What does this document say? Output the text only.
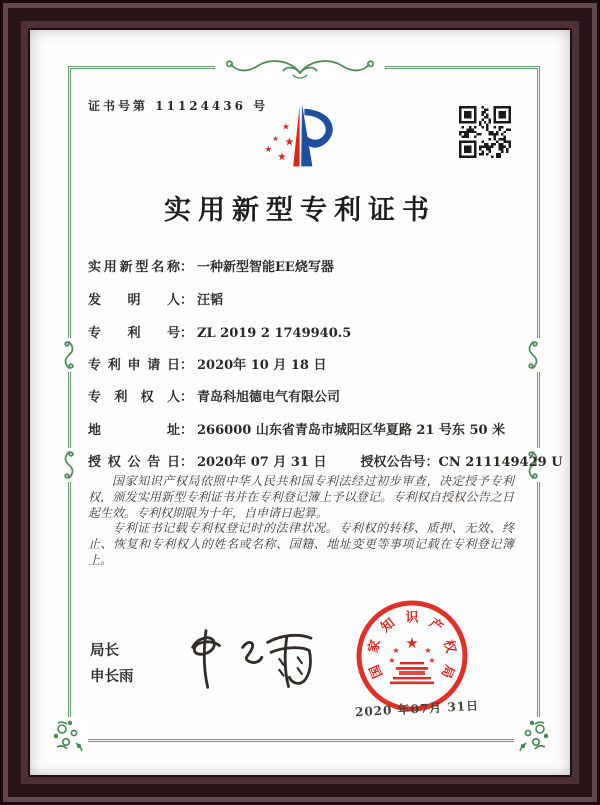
证书号第 11124436 号
★
★ ★
★
★
实用新型专利证书
实用新型名称： 一种新型智能EE烧写器
发明人： 汪韬
专利号： ZL 2019 2 1749940.5
专利申请日： 2020年 10 月 18 日
专利权人： 青岛科旭德电气有限公司
地址： 266000 山东省青岛市城阳区华夏路 21 号东 50 米
授权公告日： 2020年 07 月 31 日	授权公告号：CN 211149429 U

国家知识产权局依照中华人民共和国专利法经过初步审查，决定授予专利权，颁发实用新型专利证书并在专利登记簿上予以登记。专利权自授权公告之日起生效。专利权期限为十年，自申请日起算。

专利证书记载专利权登记时的法律状况。专利权的转移、质押、无效、终止、恢复和专利权人的姓名或名称、国籍、地址变更等事项记载在专利登记簿上。

局长
申长雨
★
★	★
★	★
国
家
知 识 产
权
局
2020 年07月 31日
